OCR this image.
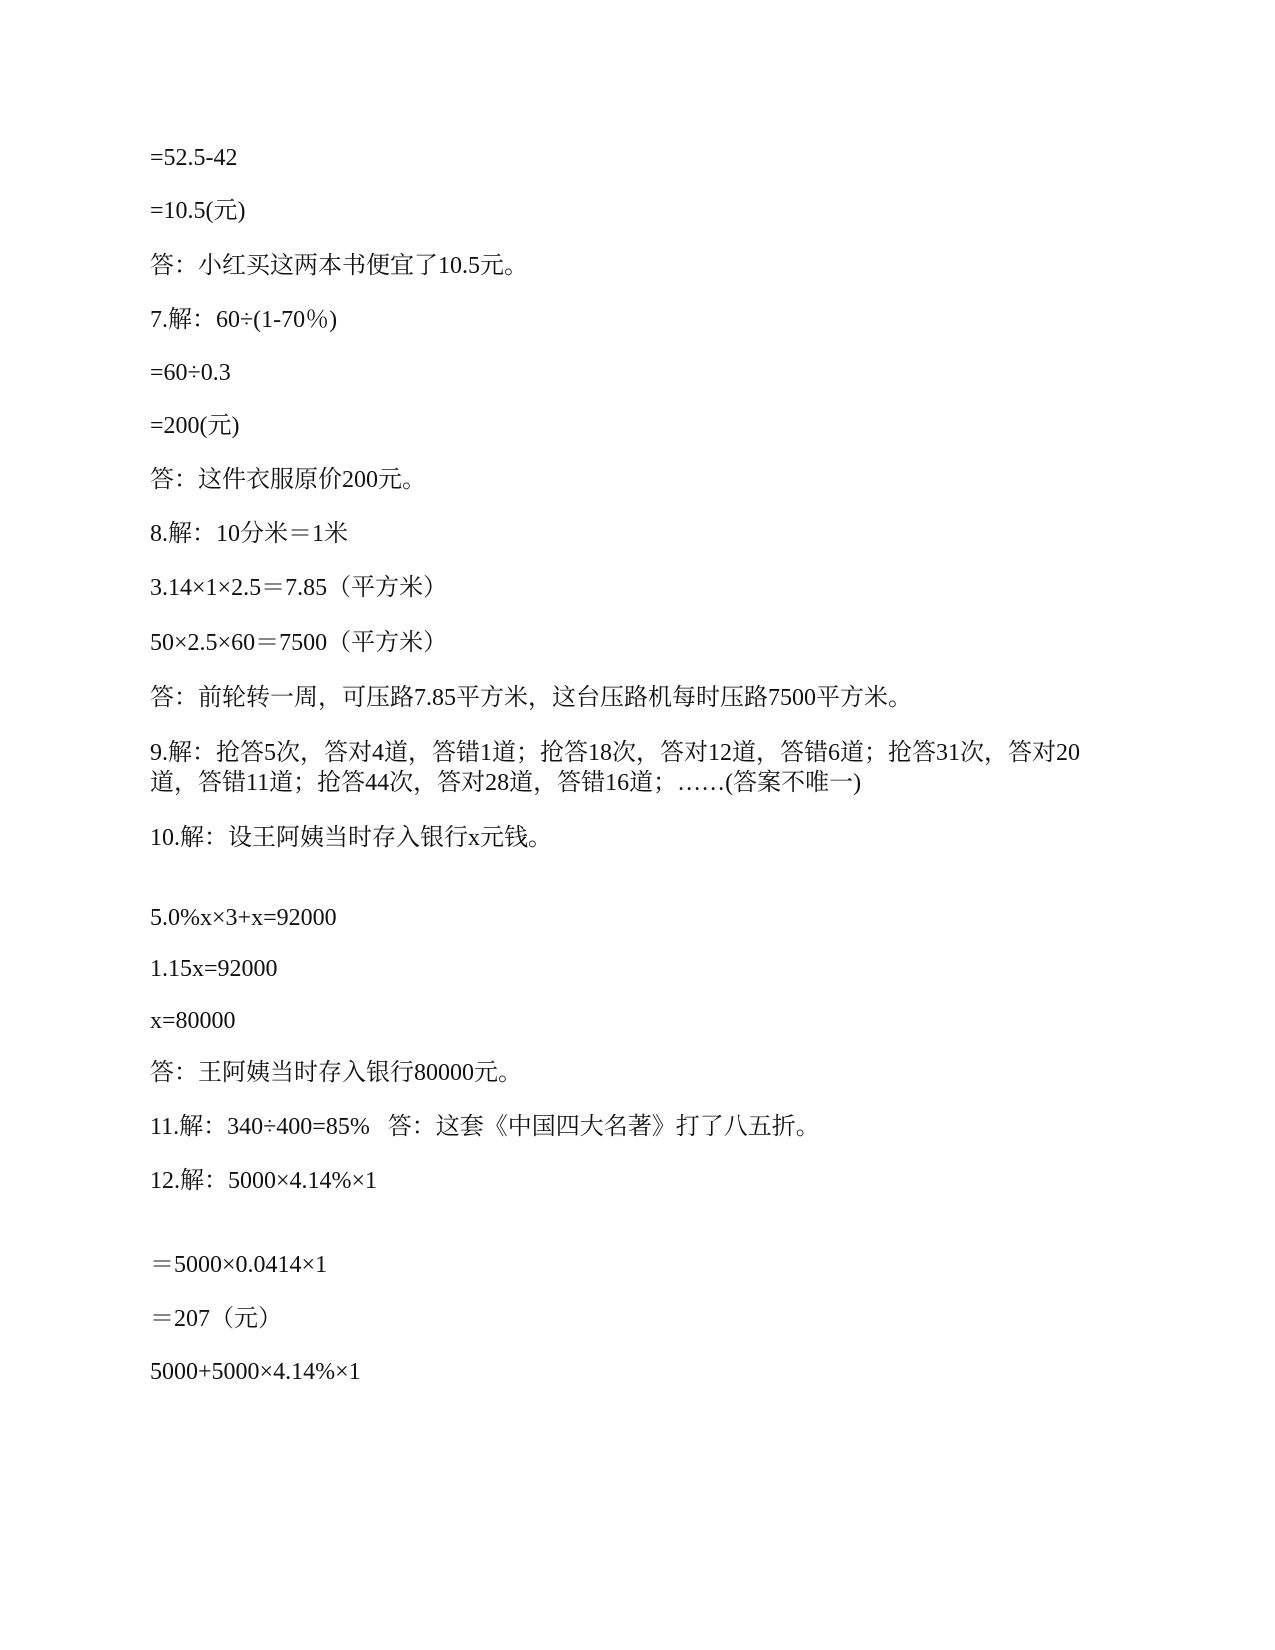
=52.5-42
=10.5(元)
答：小红买这两本书便宜了10.5元。
7.解：60÷(1-70％)
=60÷0.3
=200(元)
答：这件衣服原价200元。
8.解：10分米＝1米
3.14×1×2.5＝7.85（平方米）
50×2.5×60＝7500（平方米）
答：前轮转一周，可压路7.85平方米，这台压路机每时压路7500平方米。
9.解：抢答5次，答对4道，答错1道；抢答18次，答对12道，答错6道；抢答31次，答对20道，答错11道；抢答44次，答对28道，答错16道；……(答案不唯一)
10.解：设王阿姨当时存入银行x元钱。
5.0%x×3+x=92000
1.15x=92000
x=80000
答：王阿姨当时存入银行80000元。
11.解：340÷400=85%   答：这套《中国四大名著》打了八五折。
12.解：5000×4.14%×1
＝5000×0.0414×1
＝207（元）
5000+5000×4.14%×1
